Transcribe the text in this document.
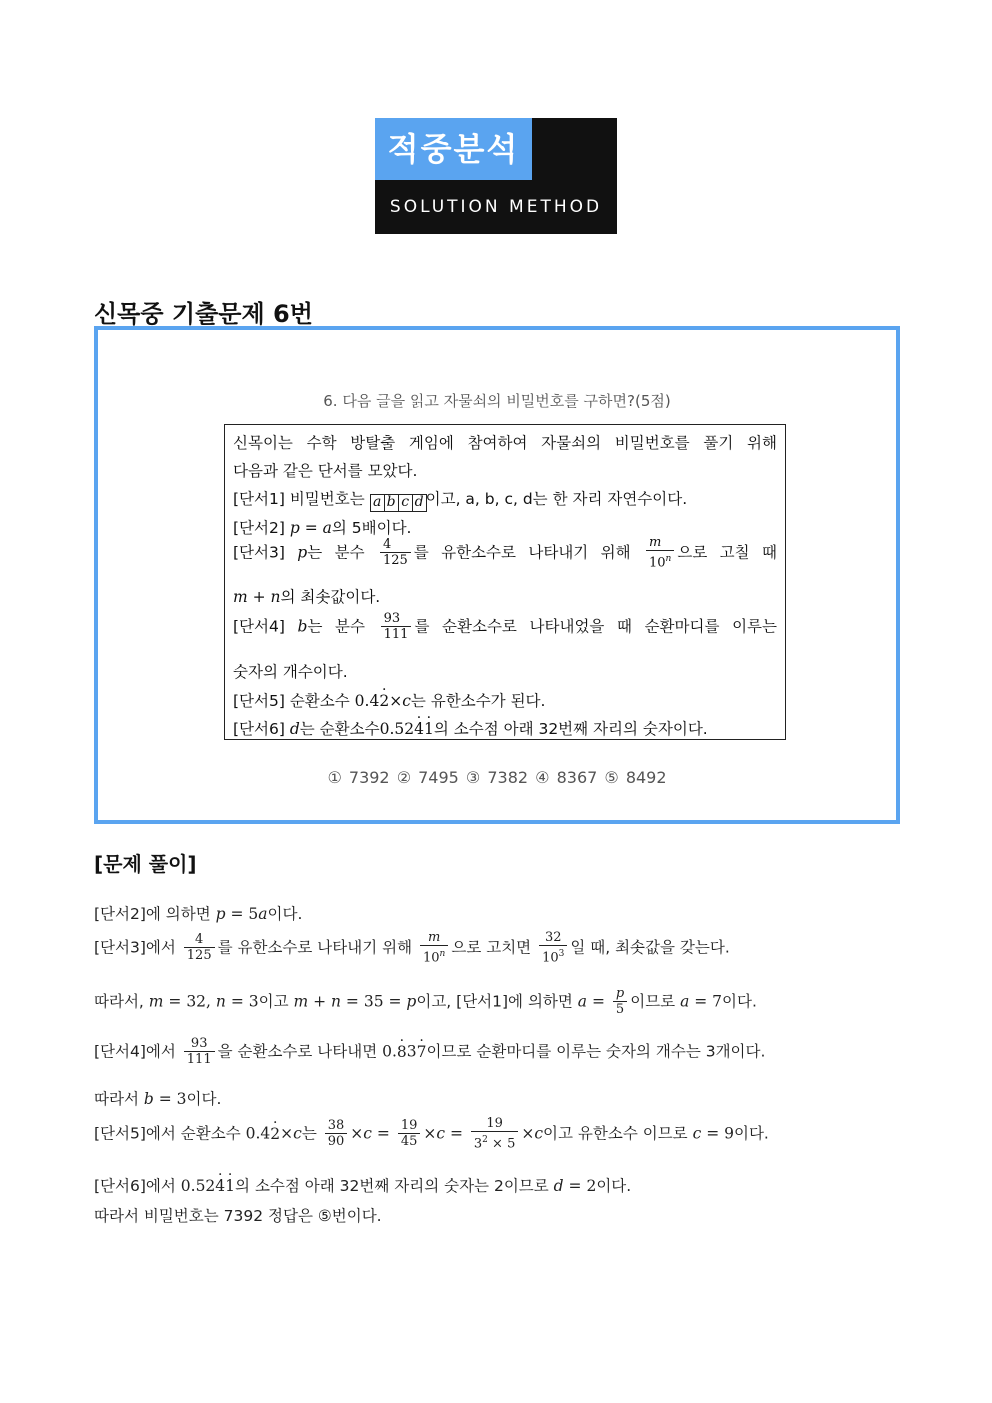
적중분석
SOLUTION METHOD
신목중 기출문제 6번
6. 다음 글을 읽고 자물쇠의 비밀번호를 구하면?(5점)
신목이는 수학 방탈출 게임에 참여하여 자물쇠의 비밀번호를 풀기 위해
다음과 같은 단서를 모았다.
[단서1] 비밀번호는 a b c d 이고, a, b, c, d는 한 자리 자연수이다.
[단서2] p = a의 5배이다.
[단서3] p는 분수 $\frac{4}{125}$ 를 유한소수로 나타내기 위해 $\frac{m}{10^n}$ 으로 고칠 때
m + n의 최솟값이다.
[단서4] b는 분수 $\frac{93}{111}$ 를 순환소수로 나타내었을 때 순환마디를 이루는
숫자의 개수이다.
[단서5] 순환소수 0.42 ·×c는 유한소수가 된다.
[단서6] d는 순환소수0.524 ·1 ·의 소수점 아래 32번째 자리의 숫자이다.
① 7392 ② 7495 ③ 7382 ④ 8367 ⑤ 8492
[문제 풀이]
[단서2]에 의하면 p = 5a이다.
[단서3]에서 $\frac{4}{125}$ 를 유한소수로 나타내기 위해 $\frac{m}{10^n}$ 으로 고치면 $\frac{32}{10^3}$ 일 때, 최솟값을 갖는다.
따라서, m = 32, n = 3이고 m + n = 35 = p이고, [단서1]에 의하면 $a = \frac{p}{5}$ 이므로 a = 7이다.
[단서4]에서 $\frac{93}{111}$ 을 순환소수로 나타내면 0.8 ·37 ·이므로 순환마디를 이루는 숫자의 개수는 3개이다.
따라서 b = 3이다.
[단서5]에서 순환소수 0.42 ·×c는 $\frac{38}{90} \times c = \frac{19}{45} \times c = \frac{19}{3^2 \times 5} \times c$이고 유한소수 이므로 c = 9이다.
[단서6]에서 0.524 ·1 ·의 소수점 아래 32번째 자리의 숫자는 2이므로 d = 2이다.
따라서 비밀번호는 7392 정답은 ⑤번이다.
